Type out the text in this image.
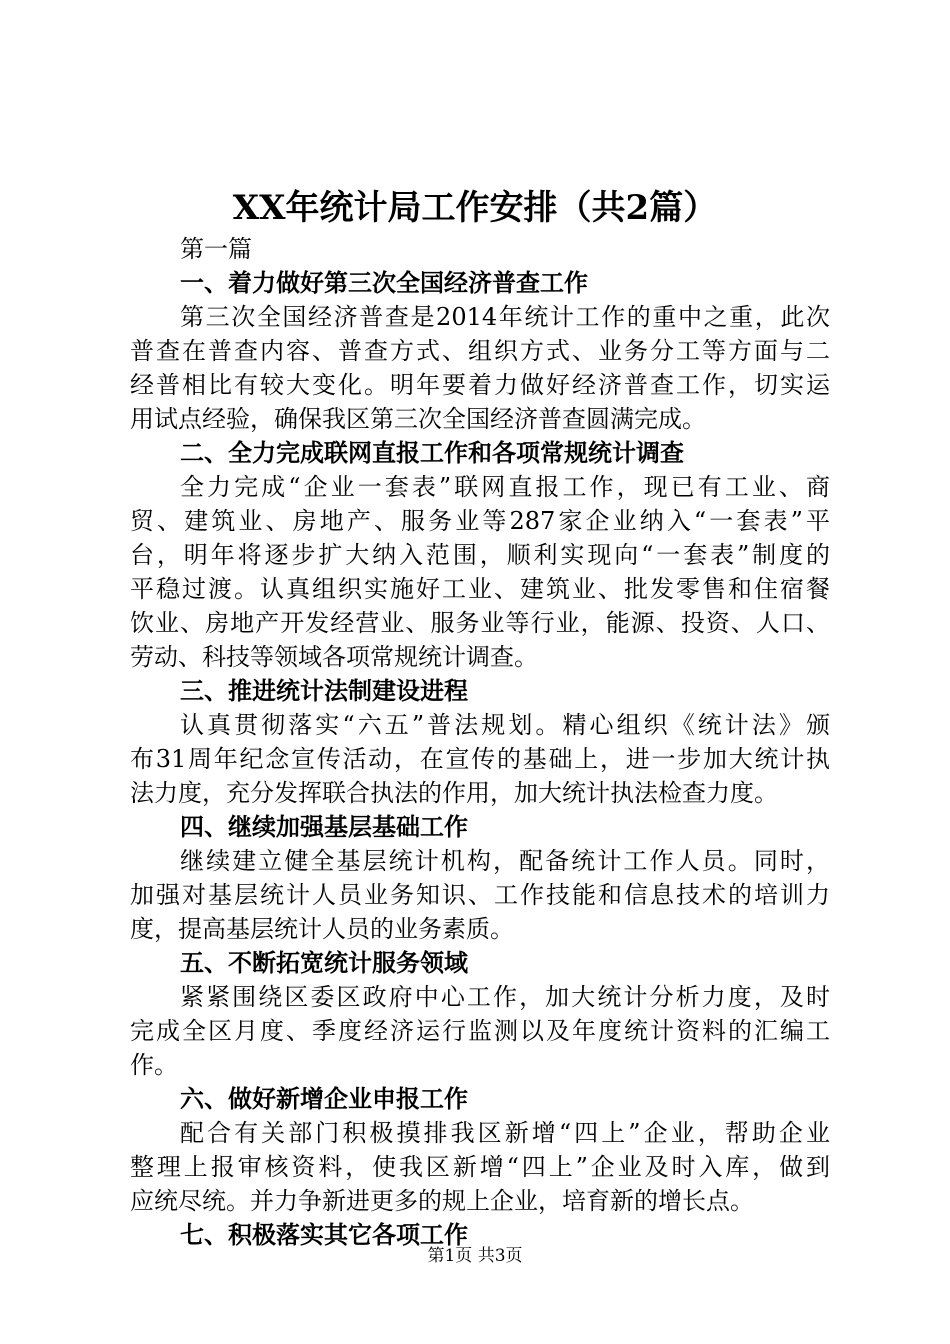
XX年统计局工作安排（共2篇）
第一篇
一、着力做好第三次全国经济普查工作
第三次全国经济普查是2014年统计工作的重中之重，此次
普查在普查内容、普查方式、组织方式、业务分工等方面与二
经普相比有较大变化。明年要着力做好经济普查工作，切实运
用试点经验，确保我区第三次全国经济普查圆满完成。
二、全力完成联网直报工作和各项常规统计调查
全力完成“企业一套表”联网直报工作，现已有工业、商
贸、建筑业、房地产、服务业等287家企业纳入“一套表”平
台，明年将逐步扩大纳入范围，顺利实现向“一套表”制度的
平稳过渡。认真组织实施好工业、建筑业、批发零售和住宿餐
饮业、房地产开发经营业、服务业等行业，能源、投资、人口、
劳动、科技等领域各项常规统计调查。
三、推进统计法制建设进程
认真贯彻落实“六五”普法规划。精心组织《统计法》颁
布31周年纪念宣传活动，在宣传的基础上，进一步加大统计执
法力度，充分发挥联合执法的作用，加大统计执法检查力度。
四、继续加强基层基础工作
继续建立健全基层统计机构，配备统计工作人员。同时，
加强对基层统计人员业务知识、工作技能和信息技术的培训力
度，提高基层统计人员的业务素质。
五、不断拓宽统计服务领域
紧紧围绕区委区政府中心工作，加大统计分析力度，及时
完成全区月度、季度经济运行监测以及年度统计资料的汇编工
作。
六、做好新增企业申报工作
配合有关部门积极摸排我区新增“四上”企业，帮助企业
整理上报审核资料，使我区新增“四上”企业及时入库，做到
应统尽统。并力争新进更多的规上企业，培育新的增长点。
七、积极落实其它各项工作
第1页 共3页
